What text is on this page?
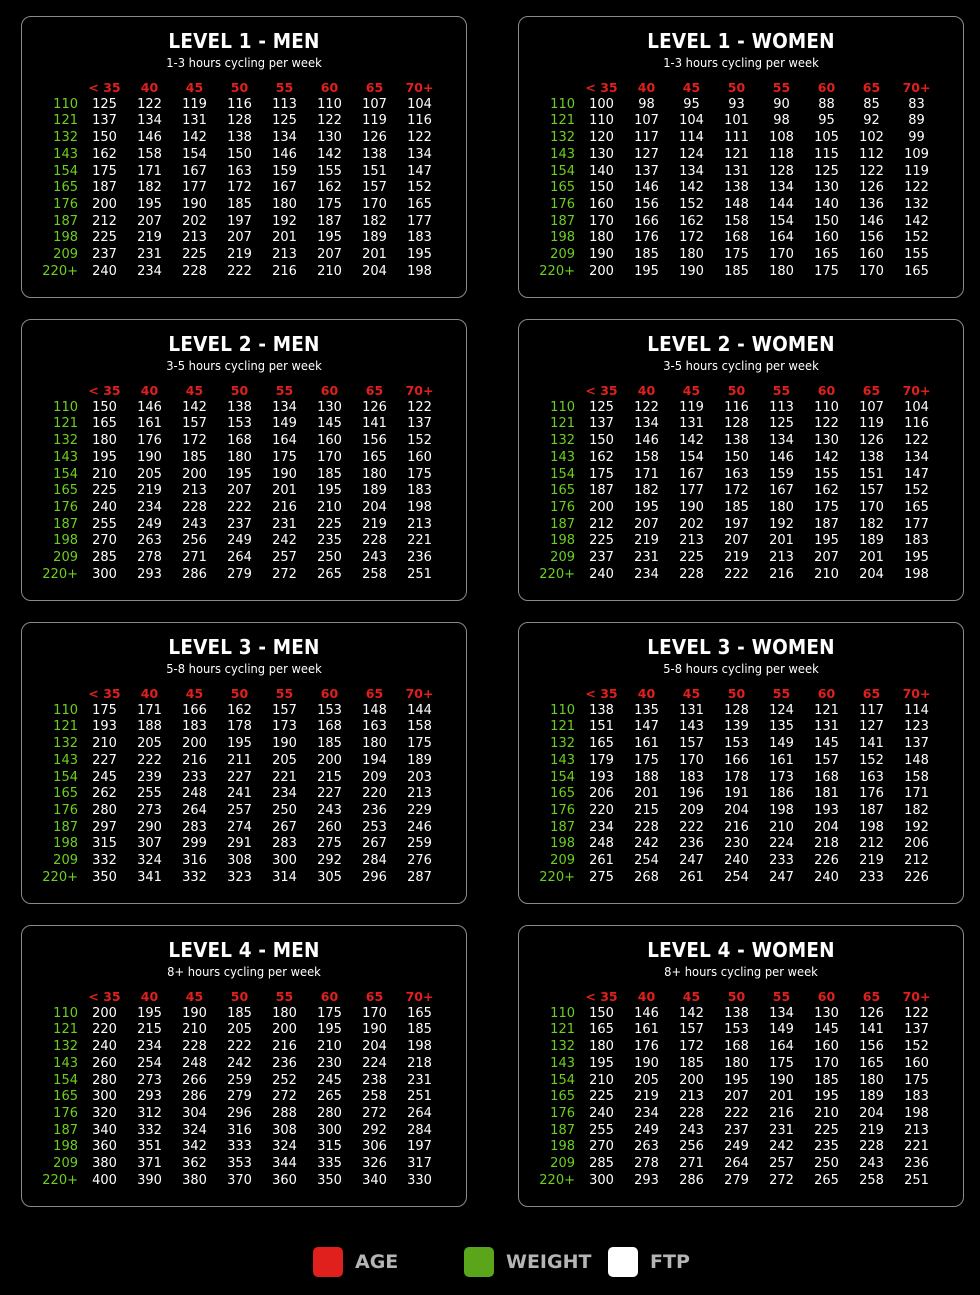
LEVEL 1 - MEN
1-3 hours cycling per week
	< 35	40	45	50	55	60	65	70+
110	125	122	119	116	113	110	107	104
121	137	134	131	128	125	122	119	116
132	150	146	142	138	134	130	126	122
143	162	158	154	150	146	142	138	134
154	175	171	167	163	159	155	151	147
165	187	182	177	172	167	162	157	152
176	200	195	190	185	180	175	170	165
187	212	207	202	197	192	187	182	177
198	225	219	213	207	201	195	189	183
209	237	231	225	219	213	207	201	195
220+	240	234	228	222	216	210	204	198
LEVEL 1 - WOMEN
1-3 hours cycling per week
	< 35	40	45	50	55	60	65	70+
110	100	98	95	93	90	88	85	83
121	110	107	104	101	98	95	92	89
132	120	117	114	111	108	105	102	99
143	130	127	124	121	118	115	112	109
154	140	137	134	131	128	125	122	119
165	150	146	142	138	134	130	126	122
176	160	156	152	148	144	140	136	132
187	170	166	162	158	154	150	146	142
198	180	176	172	168	164	160	156	152
209	190	185	180	175	170	165	160	155
220+	200	195	190	185	180	175	170	165
LEVEL 2 - MEN
3-5 hours cycling per week
	< 35	40	45	50	55	60	65	70+
110	150	146	142	138	134	130	126	122
121	165	161	157	153	149	145	141	137
132	180	176	172	168	164	160	156	152
143	195	190	185	180	175	170	165	160
154	210	205	200	195	190	185	180	175
165	225	219	213	207	201	195	189	183
176	240	234	228	222	216	210	204	198
187	255	249	243	237	231	225	219	213
198	270	263	256	249	242	235	228	221
209	285	278	271	264	257	250	243	236
220+	300	293	286	279	272	265	258	251
LEVEL 2 - WOMEN
3-5 hours cycling per week
	< 35	40	45	50	55	60	65	70+
110	125	122	119	116	113	110	107	104
121	137	134	131	128	125	122	119	116
132	150	146	142	138	134	130	126	122
143	162	158	154	150	146	142	138	134
154	175	171	167	163	159	155	151	147
165	187	182	177	172	167	162	157	152
176	200	195	190	185	180	175	170	165
187	212	207	202	197	192	187	182	177
198	225	219	213	207	201	195	189	183
209	237	231	225	219	213	207	201	195
220+	240	234	228	222	216	210	204	198
LEVEL 3 - MEN
5-8 hours cycling per week
	< 35	40	45	50	55	60	65	70+
110	175	171	166	162	157	153	148	144
121	193	188	183	178	173	168	163	158
132	210	205	200	195	190	185	180	175
143	227	222	216	211	205	200	194	189
154	245	239	233	227	221	215	209	203
165	262	255	248	241	234	227	220	213
176	280	273	264	257	250	243	236	229
187	297	290	283	274	267	260	253	246
198	315	307	299	291	283	275	267	259
209	332	324	316	308	300	292	284	276
220+	350	341	332	323	314	305	296	287
LEVEL 3 - WOMEN
5-8 hours cycling per week
	< 35	40	45	50	55	60	65	70+
110	138	135	131	128	124	121	117	114
121	151	147	143	139	135	131	127	123
132	165	161	157	153	149	145	141	137
143	179	175	170	166	161	157	152	148
154	193	188	183	178	173	168	163	158
165	206	201	196	191	186	181	176	171
176	220	215	209	204	198	193	187	182
187	234	228	222	216	210	204	198	192
198	248	242	236	230	224	218	212	206
209	261	254	247	240	233	226	219	212
220+	275	268	261	254	247	240	233	226
LEVEL 4 - MEN
8+ hours cycling per week
	< 35	40	45	50	55	60	65	70+
110	200	195	190	185	180	175	170	165
121	220	215	210	205	200	195	190	185
132	240	234	228	222	216	210	204	198
143	260	254	248	242	236	230	224	218
154	280	273	266	259	252	245	238	231
165	300	293	286	279	272	265	258	251
176	320	312	304	296	288	280	272	264
187	340	332	324	316	308	300	292	284
198	360	351	342	333	324	315	306	197
209	380	371	362	353	344	335	326	317
220+	400	390	380	370	360	350	340	330
LEVEL 4 - WOMEN
8+ hours cycling per week
	< 35	40	45	50	55	60	65	70+
110	150	146	142	138	134	130	126	122
121	165	161	157	153	149	145	141	137
132	180	176	172	168	164	160	156	152
143	195	190	185	180	175	170	165	160
154	210	205	200	195	190	185	180	175
165	225	219	213	207	201	195	189	183
176	240	234	228	222	216	210	204	198
187	255	249	243	237	231	225	219	213
198	270	263	256	249	242	235	228	221
209	285	278	271	264	257	250	243	236
220+	300	293	286	279	272	265	258	251
AGE	WEIGHT	FTP
